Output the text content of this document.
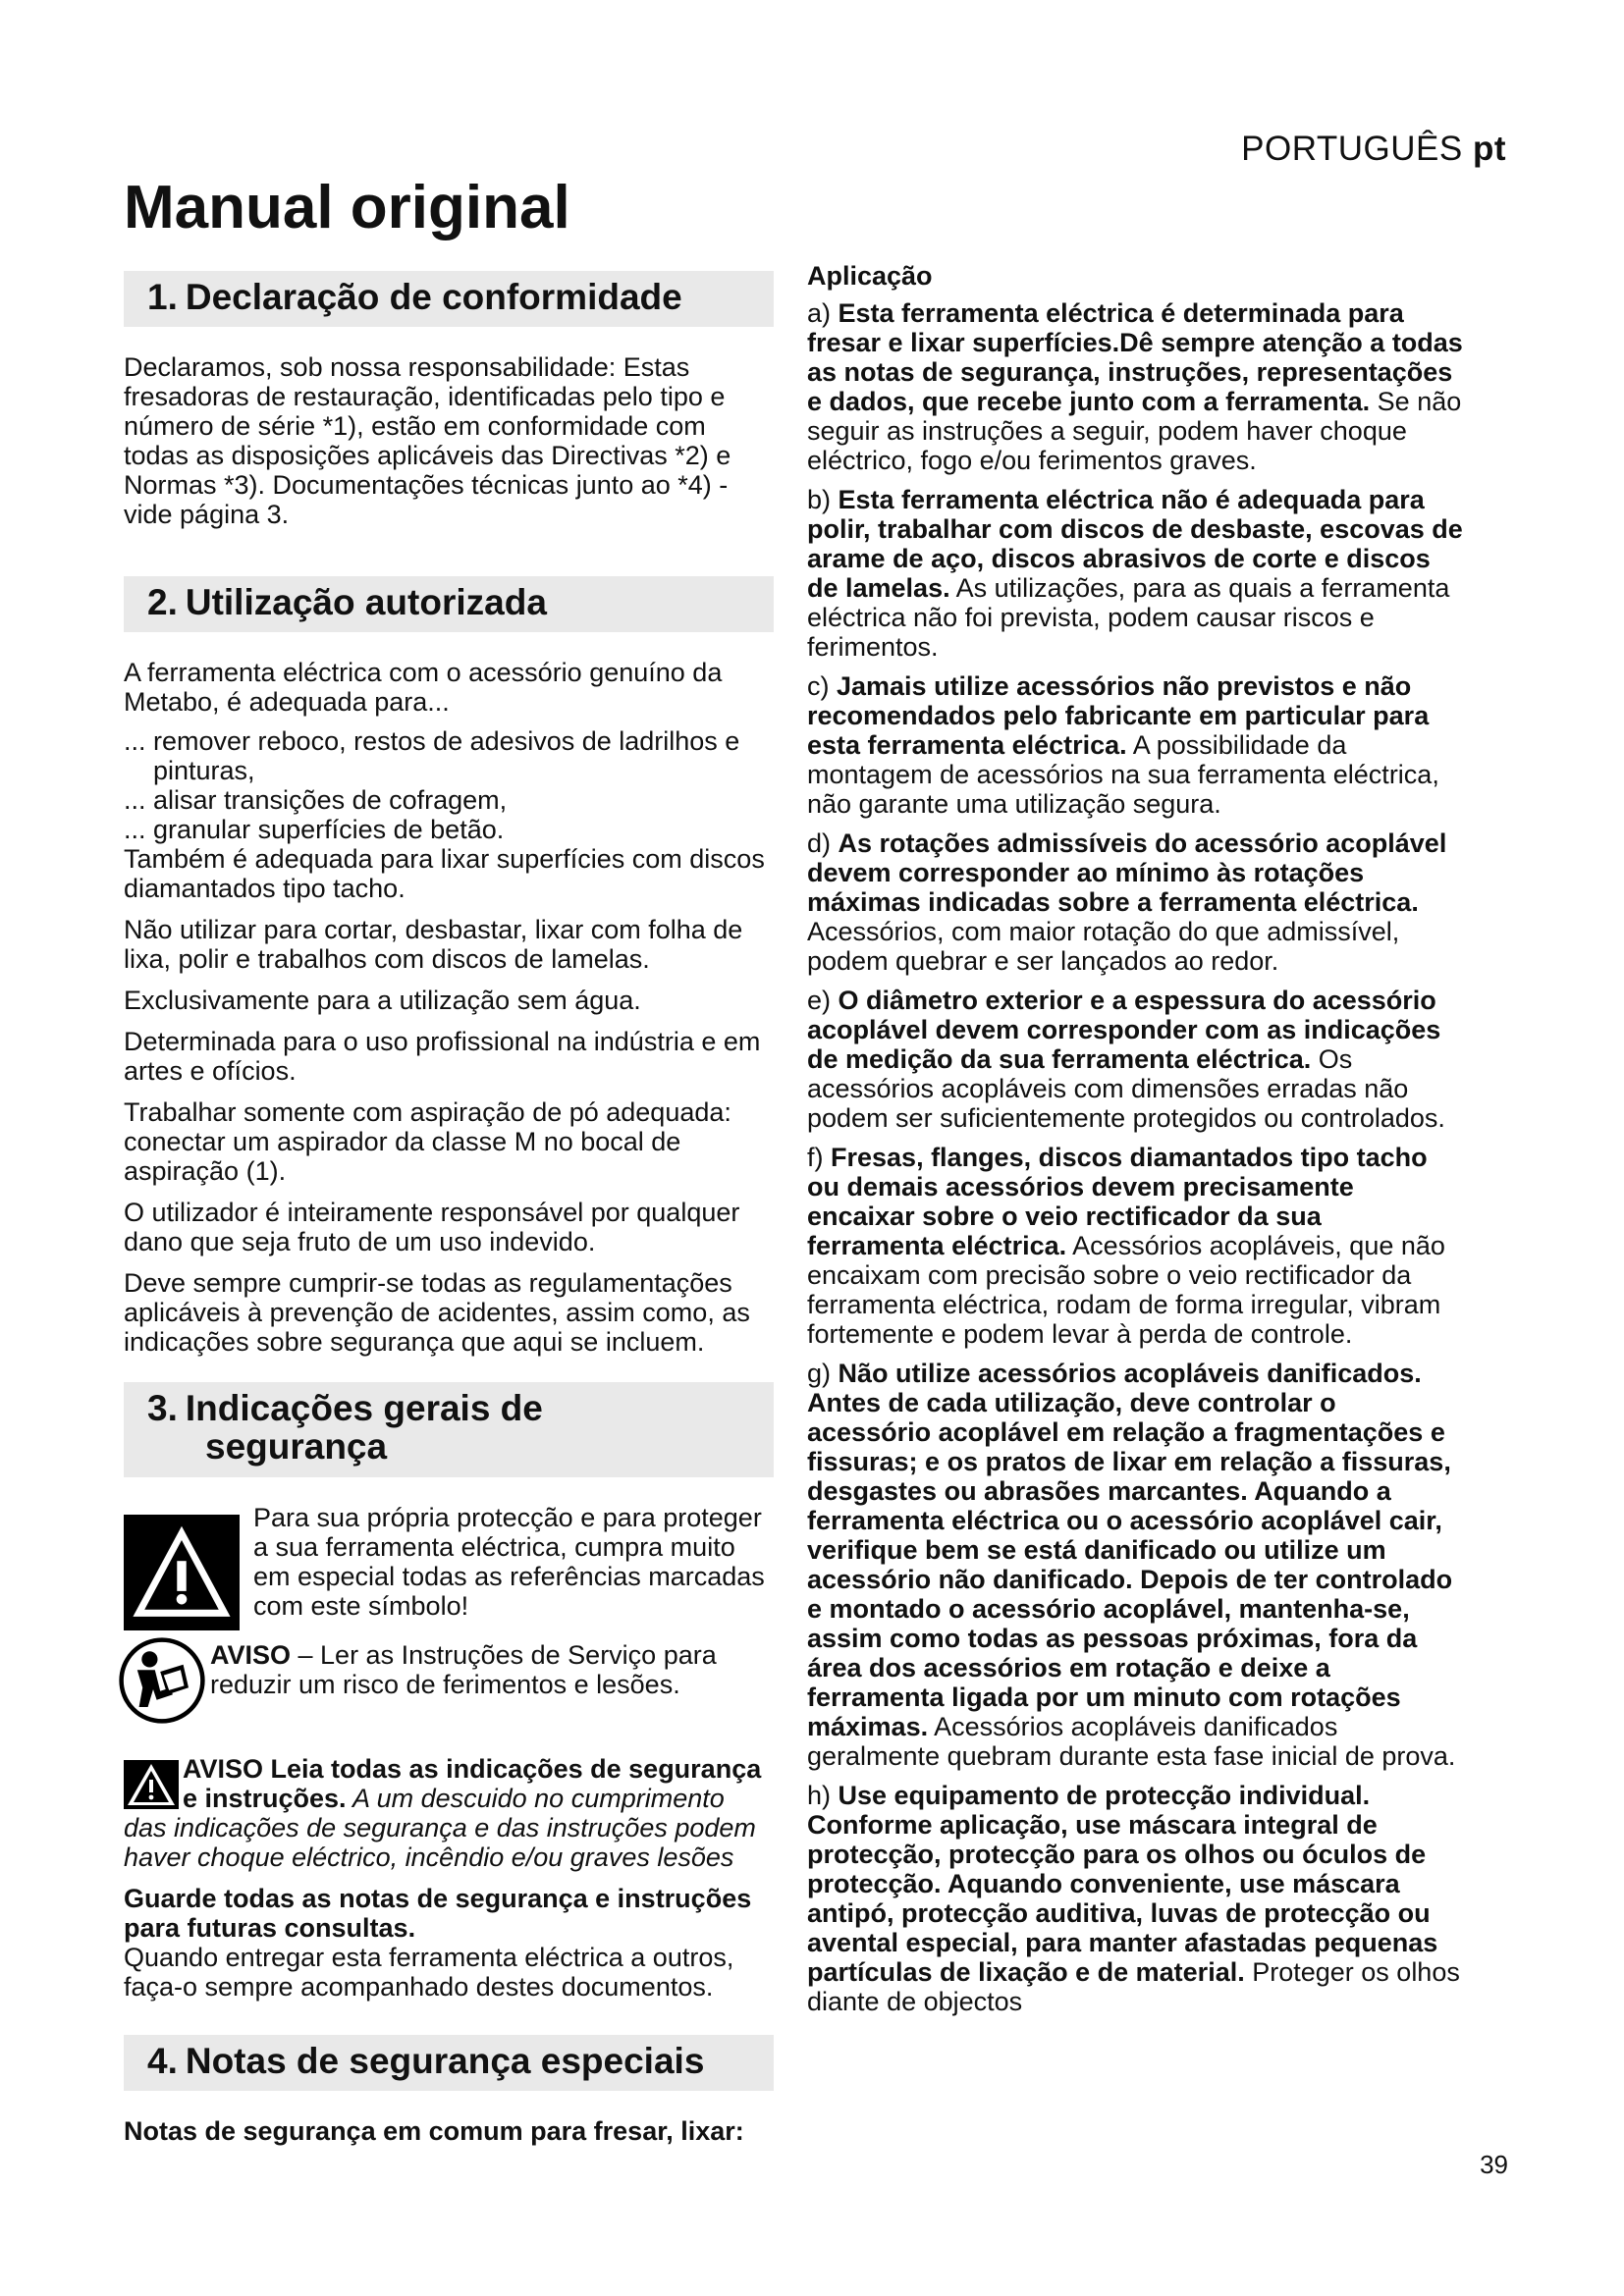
PORTUGUÊS pt
Manual original
1. Declaração de conformidade

Declaramos, sob nossa responsabilidade: Estas fresadoras de restauração, identificadas pelo tipo e número de série *1), estão em conformidade com todas as disposições aplicáveis das Directivas *2) e Normas *3). Documentações técnicas junto ao *4) - vide página 3.

2. Utilização autorizada

A ferramenta eléctrica com o acessório genuíno da Metabo, é adequada para...

... remover reboco, restos de adesivos de ladrilhos e pinturas,

... alisar transições de cofragem,

... granular superfícies de betão.

Também é adequada para lixar superfícies com discos diamantados tipo tacho.

Não utilizar para cortar, desbastar, lixar com folha de lixa, polir e trabalhos com discos de lamelas.

Exclusivamente para a utilização sem água.

Determinada para o uso profissional na indústria e em artes e ofícios.

Trabalhar somente com aspiração de pó adequada: conectar um aspirador da classe M no bocal de aspiração (1).

O utilizador é inteiramente responsável por qualquer dano que seja fruto de um uso indevido.

Deve sempre cumprir-se todas as regulamentações aplicáveis à prevenção de acidentes, assim como, as indicações sobre segurança que aqui se incluem.

3. Indicações gerais de
segurança

Para sua própria protecção e para proteger a sua ferramenta eléctrica, cumpra muito em especial todas as referências marcadas com este símbolo!

AVISO – Ler as Instruções de Serviço para reduzir um risco de ferimentos e lesões.

AVISO Leia todas as indicações de segurança e instruções. A um descuido no cumprimento das indicações de segurança e das instruções podem haver choque eléctrico, incêndio e/ou graves lesões

Guarde todas as notas de segurança e instruções para futuras consultas.

Quando entregar esta ferramenta eléctrica a outros, faça-o sempre acompanhado destes documentos.

4. Notas de segurança especiais

Notas de segurança em comum para fresar, lixar:

Aplicação

a) Esta ferramenta eléctrica é determinada para fresar e lixar superfícies.Dê sempre atenção a todas as notas de segurança, instruções, representações e dados, que recebe junto com a ferramenta. Se não seguir as instruções a seguir, podem haver choque eléctrico, fogo e/ou ferimentos graves.

b) Esta ferramenta eléctrica não é adequada para polir, trabalhar com discos de desbaste, escovas de arame de aço, discos abrasivos de corte e discos de lamelas. As utilizações, para as quais a ferramenta eléctrica não foi prevista, podem causar riscos e ferimentos.

c) Jamais utilize acessórios não previstos e não recomendados pelo fabricante em particular para esta ferramenta eléctrica. A possibilidade da montagem de acessórios na sua ferramenta eléctrica, não garante uma utilização segura.

d) As rotações admissíveis do acessório acoplável devem corresponder ao mínimo às rotações máximas indicadas sobre a ferramenta eléctrica. Acessórios, com maior rotação do que admissível, podem quebrar e ser lançados ao redor.

e) O diâmetro exterior e a espessura do acessório acoplável devem corresponder com as indicações de medição da sua ferramenta eléctrica. Os acessórios acopláveis com dimensões erradas não podem ser suficientemente protegidos ou controlados.

f) Fresas, flanges, discos diamantados tipo tacho ou demais acessórios devem precisamente encaixar sobre o veio rectificador da sua ferramenta eléctrica. Acessórios acopláveis, que não encaixam com precisão sobre o veio rectificador da ferramenta eléctrica, rodam de forma irregular, vibram fortemente e podem levar à perda de controle.

g) Não utilize acessórios acopláveis danificados. Antes de cada utilização, deve controlar o acessório acoplável em relação a fragmentações e fissuras; e os pratos de lixar em relação a fissuras, desgastes ou abrasões marcantes. Aquando a ferramenta eléctrica ou o acessório acoplável cair, verifique bem se está danificado ou utilize um acessório não danificado. Depois de ter controlado e montado o acessório acoplável, mantenha-se, assim como todas as pessoas próximas, fora da área dos acessórios em rotação e deixe a ferramenta ligada por um minuto com rotações máximas. Acessórios acopláveis danificados geralmente quebram durante esta fase inicial de prova.

h) Use equipamento de protecção individual. Conforme aplicação, use máscara integral de protecção, protecção para os olhos ou óculos de protecção. Aquando conveniente, use máscara antipó, protecção auditiva, luvas de protecção ou avental especial, para manter afastadas pequenas partículas de lixação e de material. Proteger os olhos diante de objectos

39
